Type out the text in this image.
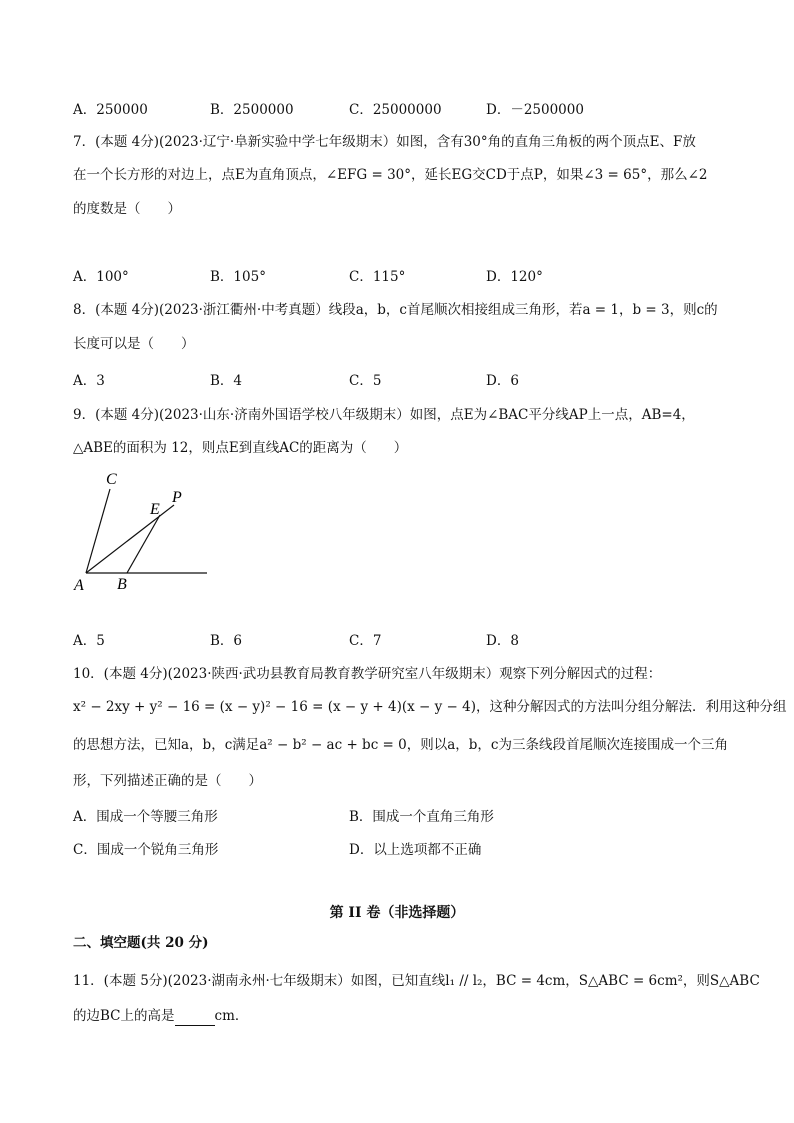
A．250000	B．2500000	C．25000000	D．－2500000
7．(本题 4分)(2023·辽宁·阜新实验中学七年级期末）如图，含有30°角的直角三角板的两个顶点E、F放
在一个长方形的对边上，点E为直角顶点，∠EFG = 30°，延长EG交CD于点P，如果∠3 = 65°，那么∠2
的度数是（　　）
A．100°	B．105°	C．115°	D．120°
8．(本题 4分)(2023·浙江衢州·中考真题）线段a，b，c首尾顺次相接组成三角形，若a = 1，b = 3，则c的
长度可以是（　　）
A．3	B．4	C．5	D．6
9．(本题 4分)(2023·山东·济南外国语学校八年级期末）如图，点E为∠BAC平分线AP上一点，AB=4，
△ABE的面积为 12，则点E到直线AC的距离为（　　）
C
P
E
A B
A．5	B．6	C．7	D．8
10．(本题 4分)(2023·陕西·武功县教育局教育教学研究室八年级期末）观察下列分解因式的过程：
x² − 2xy + y² − 16 = (x − y)² − 16 = (x − y + 4)(x − y − 4)，这种分解因式的方法叫分组分解法．利用这种分组
的思想方法，已知a，b，c满足a² − b² − ac + bc = 0，则以a，b，c为三条线段首尾顺次连接围成一个三角
形，下列描述正确的是（　　）
A．围成一个等腰三角形	B．围成一个直角三角形
C．围成一个锐角三角形	D．以上选项都不正确
第 II 卷（非选择题）
二、填空题(共 20 分)
11．(本题 5分)(2023·湖南永州·七年级期末）如图，已知直线l₁ // l₂，BC = 4cm，S△ABC = 6cm²，则S△ABC
的边BC上的高是	cm．
